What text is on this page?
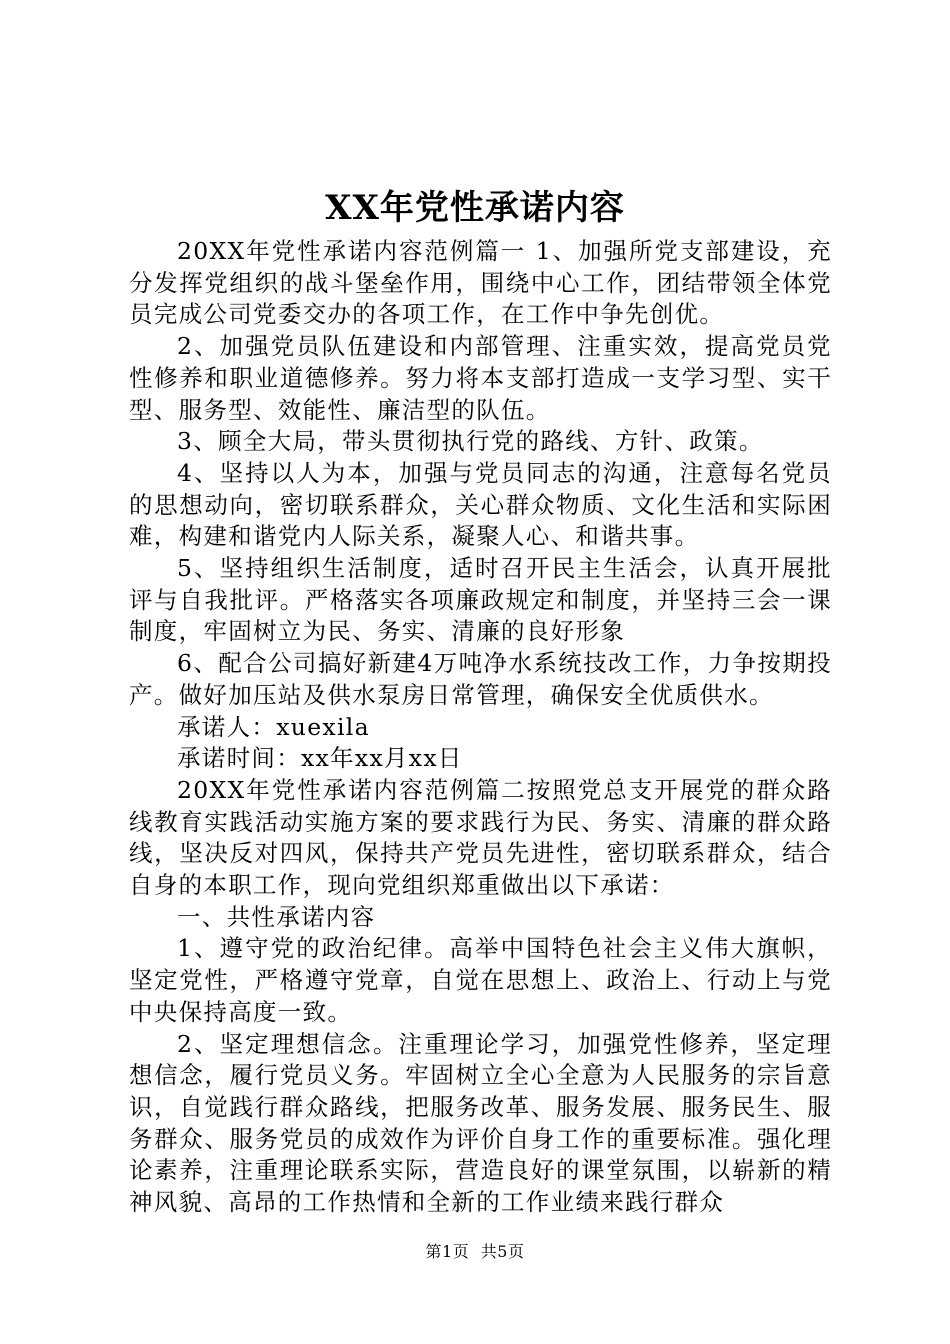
XX年党性承诺内容

20XX年党性承诺内容范例篇一 1、加强所党支部建设，充分发挥党组织的战斗堡垒作用，围绕中心工作，团结带领全体党员完成公司党委交办的各项工作，在工作中争先创优。

2、加强党员队伍建设和内部管理、注重实效，提高党员党性修养和职业道德修养。努力将本支部打造成一支学习型、实干型、服务型、效能性、廉洁型的队伍。

3、顾全大局，带头贯彻执行党的路线、方针、政策。

4、坚持以人为本，加强与党员同志的沟通，注意每名党员的思想动向，密切联系群众，关心群众物质、文化生活和实际困难，构建和谐党内人际关系，凝聚人心、和谐共事。

5、坚持组织生活制度，适时召开民主生活会，认真开展批评与自我批评。严格落实各项廉政规定和制度，并坚持三会一课制度，牢固树立为民、务实、清廉的良好形象

6、配合公司搞好新建4万吨净水系统技改工作，力争按期投产。做好加压站及供水泵房日常管理，确保安全优质供水。

承诺人：xuexila

承诺时间：xx年xx月xx日

20XX年党性承诺内容范例篇二按照党总支开展党的群众路线教育实践活动实施方案的要求践行为民、务实、清廉的群众路线，坚决反对四风，保持共产党员先进性，密切联系群众，结合自身的本职工作，现向党组织郑重做出以下承诺：

一、共性承诺内容

1、遵守党的政治纪律。高举中国特色社会主义伟大旗帜，坚定党性，严格遵守党章，自觉在思想上、政治上、行动上与党中央保持高度一致。

2、坚定理想信念。注重理论学习，加强党性修养，坚定理想信念，履行党员义务。牢固树立全心全意为人民服务的宗旨意识，自觉践行群众路线，把服务改革、服务发展、服务民生、服务群众、服务党员的成效作为评价自身工作的重要标准。强化理论素养，注重理论联系实际，营造良好的课堂氛围，以崭新的精神风貌、高昂的工作热情和全新的工作业绩来践行群众

第1页 共5页
